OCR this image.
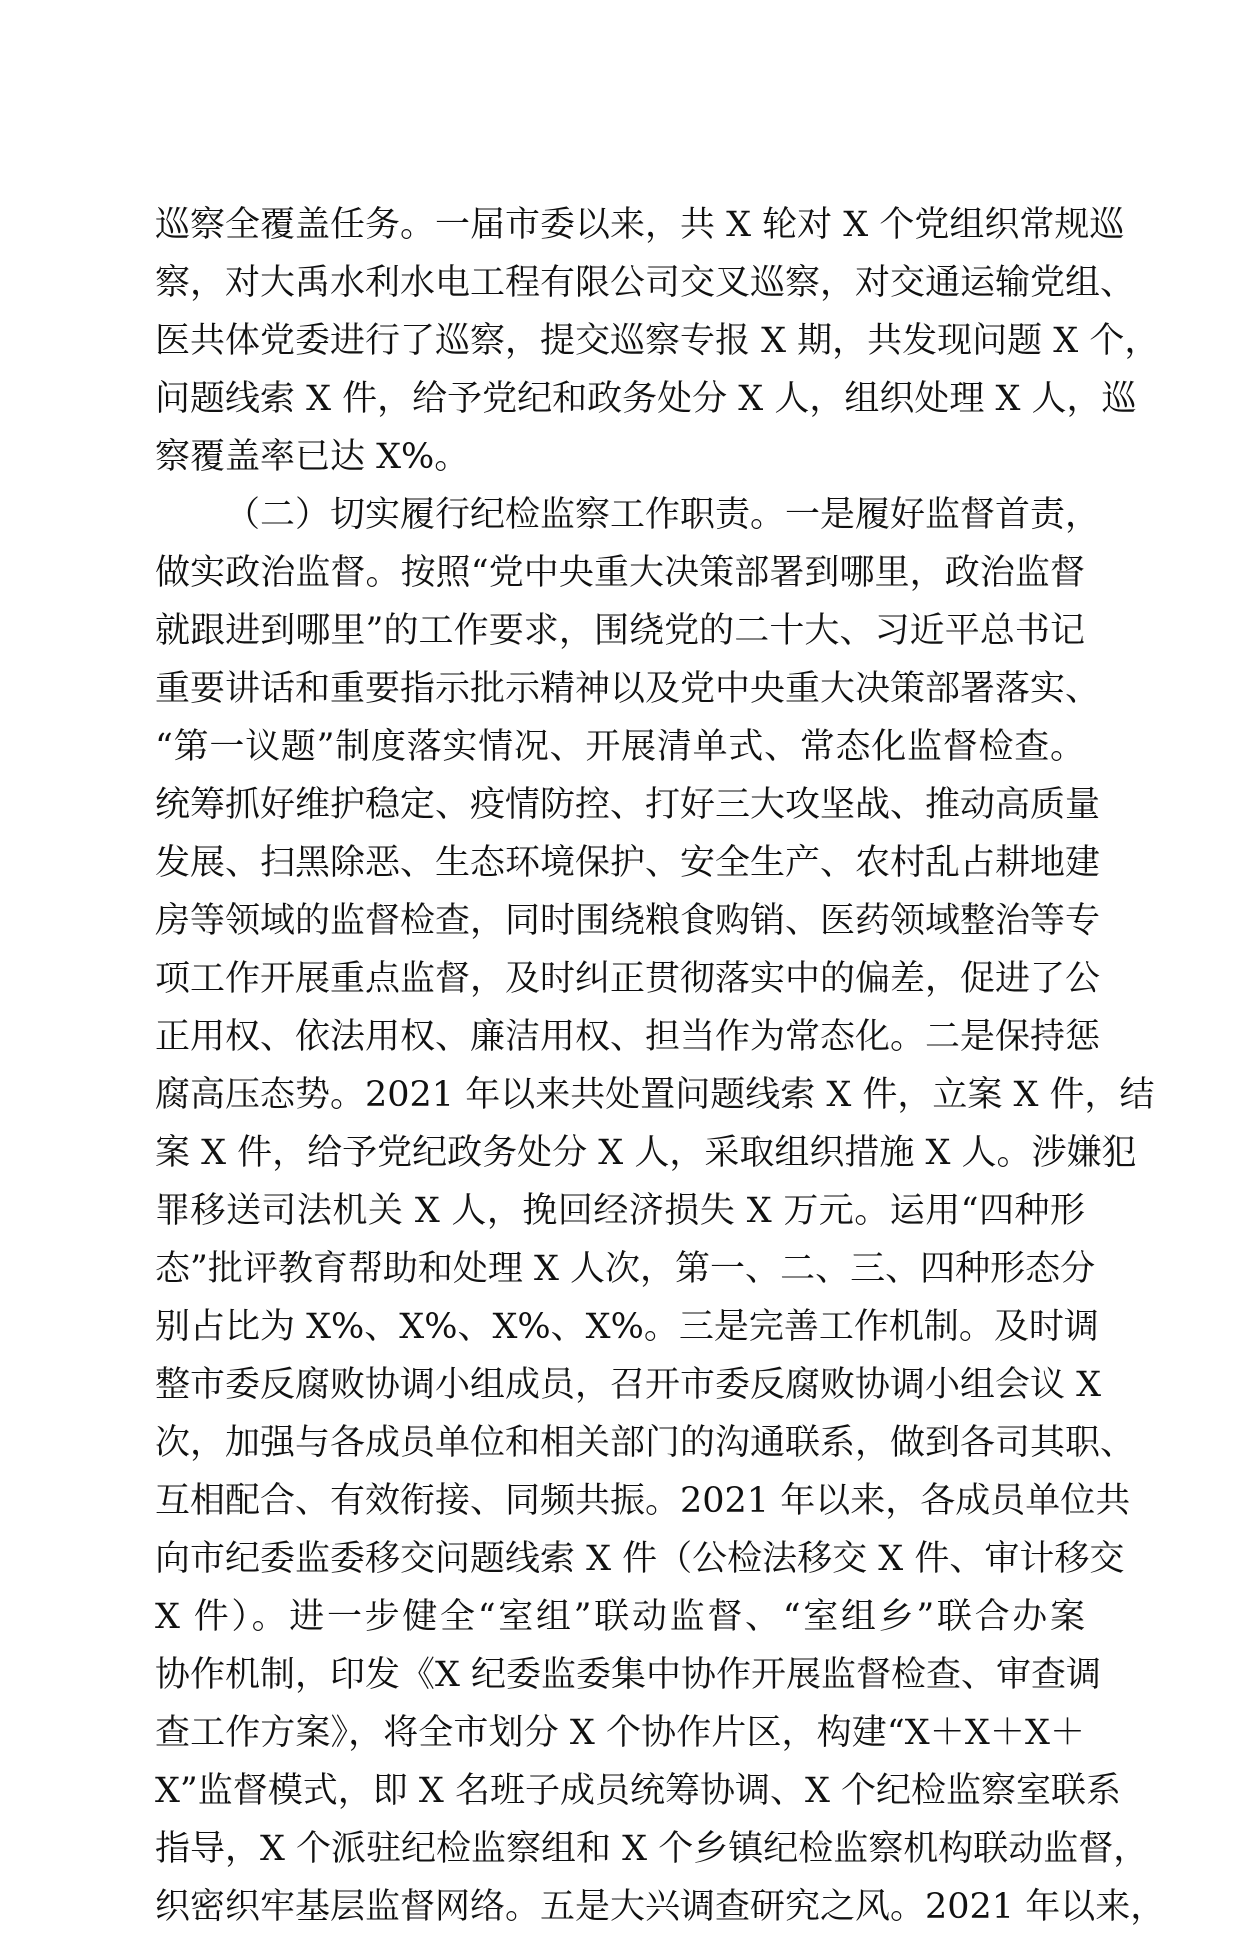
巡察全覆盖任务。一届市委以来，共 X 轮对 X 个党组织常规巡
察，对大禹水利水电工程有限公司交叉巡察，对交通运输党组、
医共体党委进行了巡察，提交巡察专报 X 期，共发现问题 X 个，
问题线索 X 件，给予党纪和政务处分 X 人，组织处理 X 人，巡
察覆盖率已达 X%。
（二）切实履行纪检监察工作职责。一是履好监督首责，
做实政治监督。按照“党中央重大决策部署到哪里，政治监督
就跟进到哪里”的工作要求，围绕党的二十大、习近平总书记
重要讲话和重要指示批示精神以及党中央重大决策部署落实、
“第一议题”制度落实情况、开展清单式、常态化监督检查。
统筹抓好维护稳定、疫情防控、打好三大攻坚战、推动高质量
发展、扫黑除恶、生态环境保护、安全生产、农村乱占耕地建
房等领域的监督检查，同时围绕粮食购销、医药领域整治等专
项工作开展重点监督，及时纠正贯彻落实中的偏差，促进了公
正用权、依法用权、廉洁用权、担当作为常态化。二是保持惩
腐高压态势。2021 年以来共处置问题线索 X 件，立案 X 件，结
案 X 件，给予党纪政务处分 X 人，采取组织措施 X 人。涉嫌犯
罪移送司法机关 X 人，挽回经济损失 X 万元。运用“四种形
态”批评教育帮助和处理 X 人次，第一、二、三、四种形态分
别占比为 X%、X%、X%、X%。三是完善工作机制。及时调
整市委反腐败协调小组成员，召开市委反腐败协调小组会议 X
次，加强与各成员单位和相关部门的沟通联系，做到各司其职、
互相配合、有效衔接、同频共振。2021 年以来，各成员单位共
向市纪委监委移交问题线索 X 件（公检法移交 X 件、审计移交
X 件）。进一步健全“室组”联动监督、“室组乡”联合办案
协作机制，印发《X 纪委监委集中协作开展监督检查、审查调
查工作方案》，将全市划分 X 个协作片区，构建“X＋X＋X＋
X”监督模式，即 X 名班子成员统筹协调、X 个纪检监察室联系
指导，X 个派驻纪检监察组和 X 个乡镇纪检监察机构联动监督，
织密织牢基层监督网络。五是大兴调查研究之风。2021 年以来，
